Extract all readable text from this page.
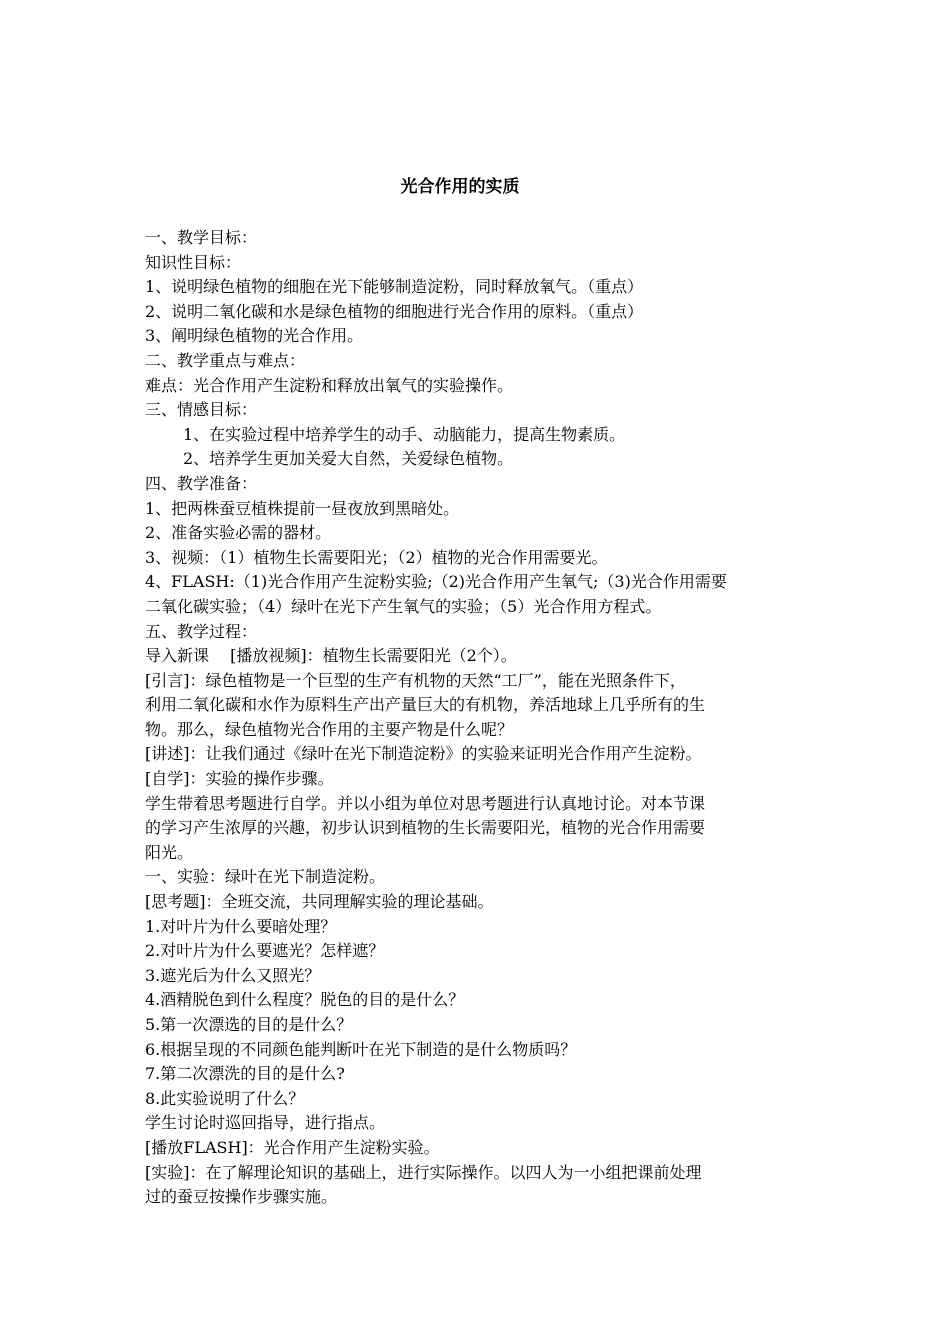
光合作用的实质

一、教学目标：

知识性目标：

1、说明绿色植物的细胞在光下能够制造淀粉，同时释放氧气。（重点）

2、说明二氧化碳和水是绿色植物的细胞进行光合作用的原料。（重点）

3、阐明绿色植物的光合作用。

二、教学重点与难点：

难点：光合作用产生淀粉和释放出氧气的实验操作。

三、情感目标：

1、在实验过程中培养学生的动手、动脑能力，提高生物素质。

2、培养学生更加关爱大自然，关爱绿色植物。

四、教学准备：

1、把两株蚕豆植株提前一昼夜放到黑暗处。

2、准备实验必需的器材。

3、视频：（1）植物生长需要阳光；（2）植物的光合作用需要光。

4、FLASH:（1)光合作用产生淀粉实验;（2)光合作用产生氧气;（3)光合作用需要

二氧化碳实验；（4）绿叶在光下产生氧气的实验；（5）光合作用方程式。

五、教学过程：

导入新课　 [播放视频]：植物生长需要阳光（2个）。

[引言]：绿色植物是一个巨型的生产有机物的天然“工厂”，能在光照条件下，

利用二氧化碳和水作为原料生产出产量巨大的有机物，养活地球上几乎所有的生

物。那么，绿色植物光合作用的主要产物是什么呢？

[讲述]：让我们通过《绿叶在光下制造淀粉》的实验来证明光合作用产生淀粉。

[自学]：实验的操作步骤。

学生带着思考题进行自学。并以小组为单位对思考题进行认真地讨论。对本节课

的学习产生浓厚的兴趣，初步认识到植物的生长需要阳光，植物的光合作用需要

阳光。

一、实验：绿叶在光下制造淀粉。

[思考题]：全班交流，共同理解实验的理论基础。

1.对叶片为什么要暗处理？

2.对叶片为什么要遮光？怎样遮？

3.遮光后为什么又照光？

4.酒精脱色到什么程度？脱色的目的是什么？

5.第一次漂选的目的是什么？

6.根据呈现的不同颜色能判断叶在光下制造的是什么物质吗？

7.第二次漂洗的目的是什么?

8.此实验说明了什么？

学生讨论时巡回指导，进行指点。

[播放FLASH]：光合作用产生淀粉实验。

[实验]：在了解理论知识的基础上，进行实际操作。以四人为一小组把课前处理

过的蚕豆按操作步骤实施。
